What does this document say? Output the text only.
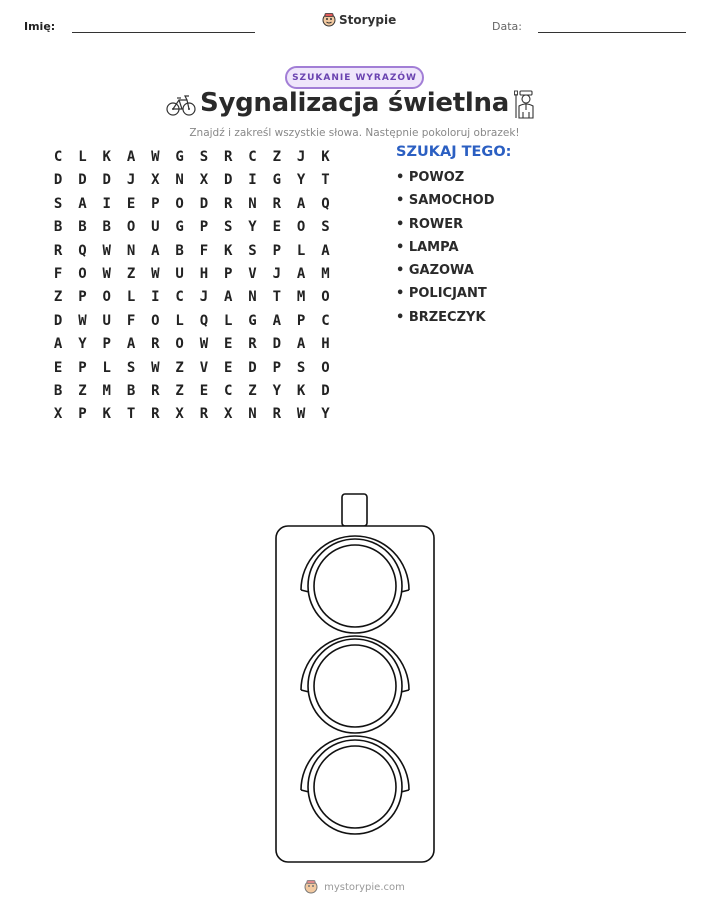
Imię:	Storypie	Data:
SZUKANIE WYRAZÓW
Sygnalizacja świetlna
Znajdź i zakreśl wszystkie słowa. Następnie pokoloruj obrazek!
C	L	K	A	W	G	S	R	C	Z	J	K
D	D	D	J	X	N	X	D	I	G	Y	T
S	A	I	E	P	O	D	R	N	R	A	Q
B	B	B	O	U	G	P	S	Y	E	O	S
R	Q	W	N	A	B	F	K	S	P	L	A
F	O	W	Z	W	U	H	P	V	J	A	M
Z	P	O	L	I	C	J	A	N	T	M	O
D	W	U	F	O	L	Q	L	G	A	P	C
A	Y	P	A	R	O	W	E	R	D	A	H
E	P	L	S	W	Z	V	E	D	P	S	O
B	Z	M	B	R	Z	E	C	Z	Y	K	D
X	P	K	T	R	X	R	X	N	R	W	Y
SZUKAJ TEGO:
• POWOZ
• SAMOCHOD
• ROWER
• LAMPA
• GAZOWA
• POLICJANT
• BRZECZYK
mystorypie.com
